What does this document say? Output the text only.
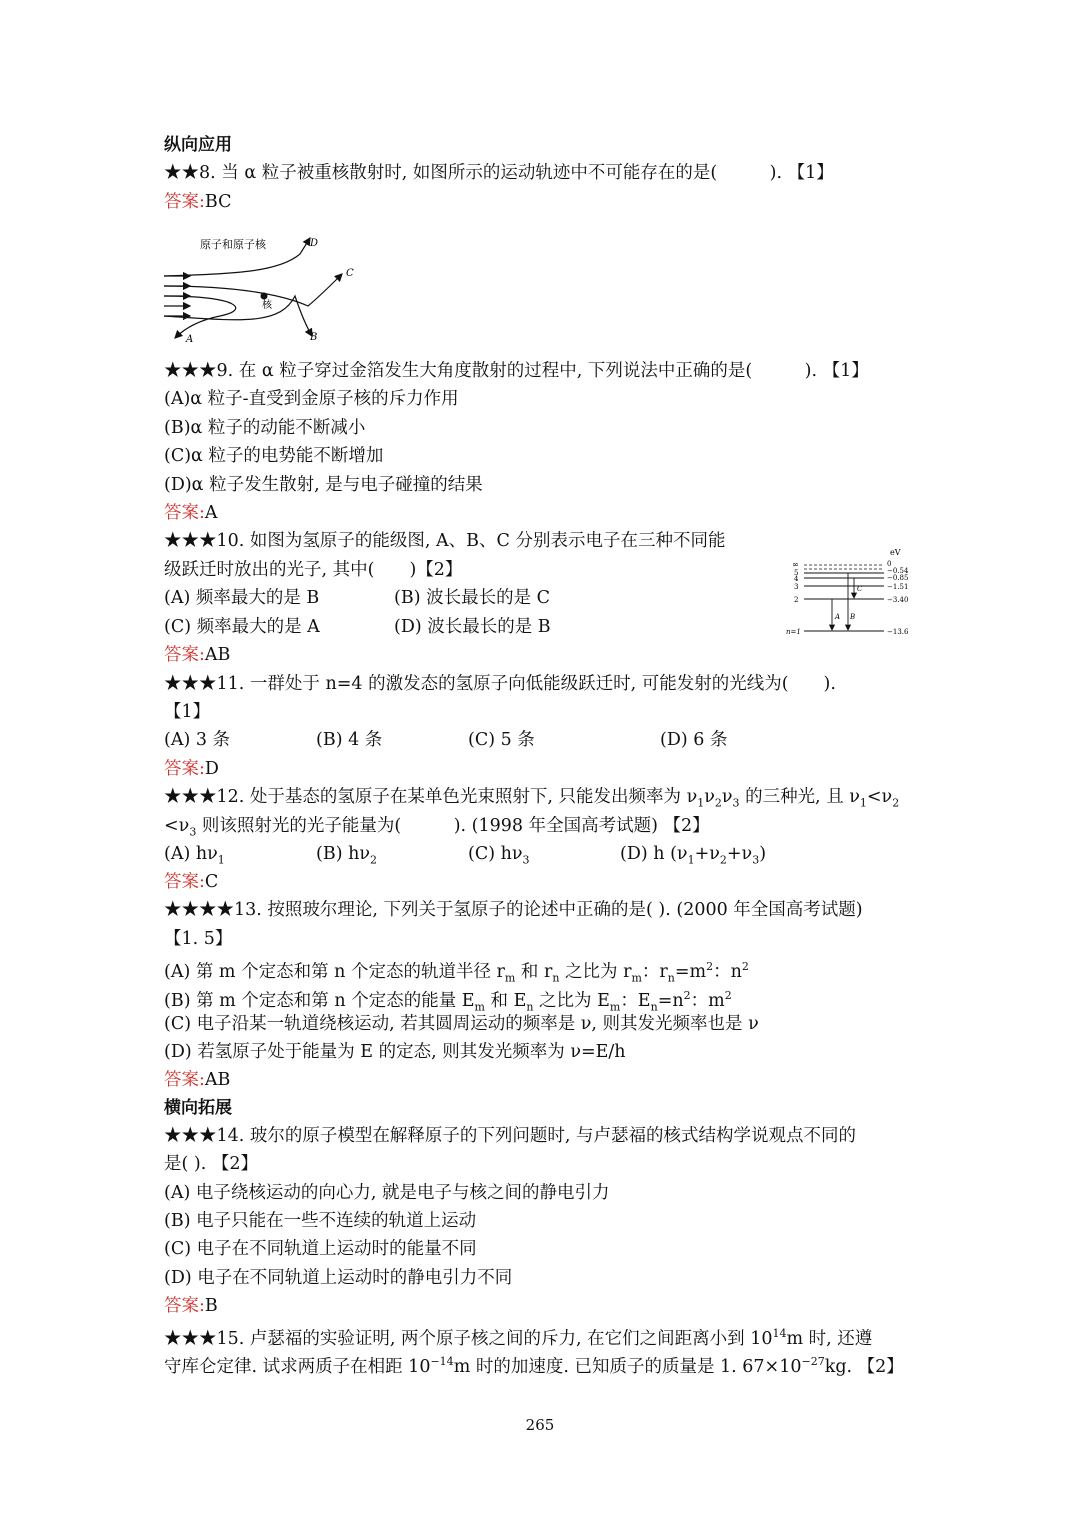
纵向应用
★★8. 当 α 粒子被重核散射时, 如图所示的运动轨迹中不可能存在的是(　　　). 【1】
答案:BC
原子和原子核
核
D
C
B
A
★★★9. 在 α 粒子穿过金箔发生大角度散射的过程中, 下列说法中正确的是(　　　). 【1】
(A)α 粒子-直受到金原子核的斥力作用
(B)α 粒子的动能不断减小
(C)α 粒子的电势能不断增加
(D)α 粒子发生散射, 是与电子碰撞的结果
答案:A
★★★10. 如图为氢原子的能级图, A、B、C 分别表示电子在三种不同能
级跃迁时放出的光子, 其中(　　)【2】
(A) 频率最大的是 B	(B) 波长最长的是 C
(C) 频率最大的是 A	(D) 波长最长的是 B
答案:AB
eV
∞
5
4
3
2
n=1
0
−0.54
−0.85
−1.51
−3.40
−13.6
A B
C
★★★11. 一群处于 n=4 的激发态的氢原子向低能级跃迁时, 可能发射的光线为(　　).
【1】
(A) 3 条	(B) 4 条	(C) 5 条	(D) 6 条
答案:D
★★★12. 处于基态的氢原子在某单色光束照射下, 只能发出频率为 $\nu_1\nu_2\nu_3$ 的三种光, 且 $\nu_1<\nu_2$
$<\nu_3$ 则该照射光的光子能量为(　　　). (1998 年全国高考试题) 【2】
(A) $h\nu_1$	(B) $h\nu_2$	(C) $h\nu_3$	(D) h $(\nu_1+\nu_2+\nu_3)$
答案:C
★★★★13. 按照玻尔理论, 下列关于氢原子的论述中正确的是( ). (2000 年全国高考试题)
【1. 5】
(A) 第 m 个定态和第 n 个定态的轨道半径 $r_m$ 和 $r_n$ 之比为 $r_m$：$r_n=m^2$：$n^2$
(B) 第 m 个定态和第 n 个定态的能量 $E_m$ 和 $E_n$ 之比为 $E_m$：$E_n=n^2$：$m^2$
(C) 电子沿某一轨道绕核运动, 若其圆周运动的频率是 ν, 则其发光频率也是 ν
(D) 若氢原子处于能量为 E 的定态, 则其发光频率为 ν=E/h
答案:AB
横向拓展
★★★14. 玻尔的原子模型在解释原子的下列问题时, 与卢瑟福的核式结构学说观点不同的
是( ). 【2】
(A) 电子绕核运动的向心力, 就是电子与核之间的静电引力
(B) 电子只能在一些不连续的轨道上运动
(C) 电子在不同轨道上运动时的能量不同
(D) 电子在不同轨道上运动时的静电引力不同
答案:B
★★★15. 卢瑟福的实验证明, 两个原子核之间的斥力, 在它们之间距离小到 $10^{14}m$ 时, 还遵
守库仑定律. 试求两质子在相距 $10^{-14}m$ 时的加速度. 已知质子的质量是 1. $67\times 10^{-27}kg$. 【2】
265
